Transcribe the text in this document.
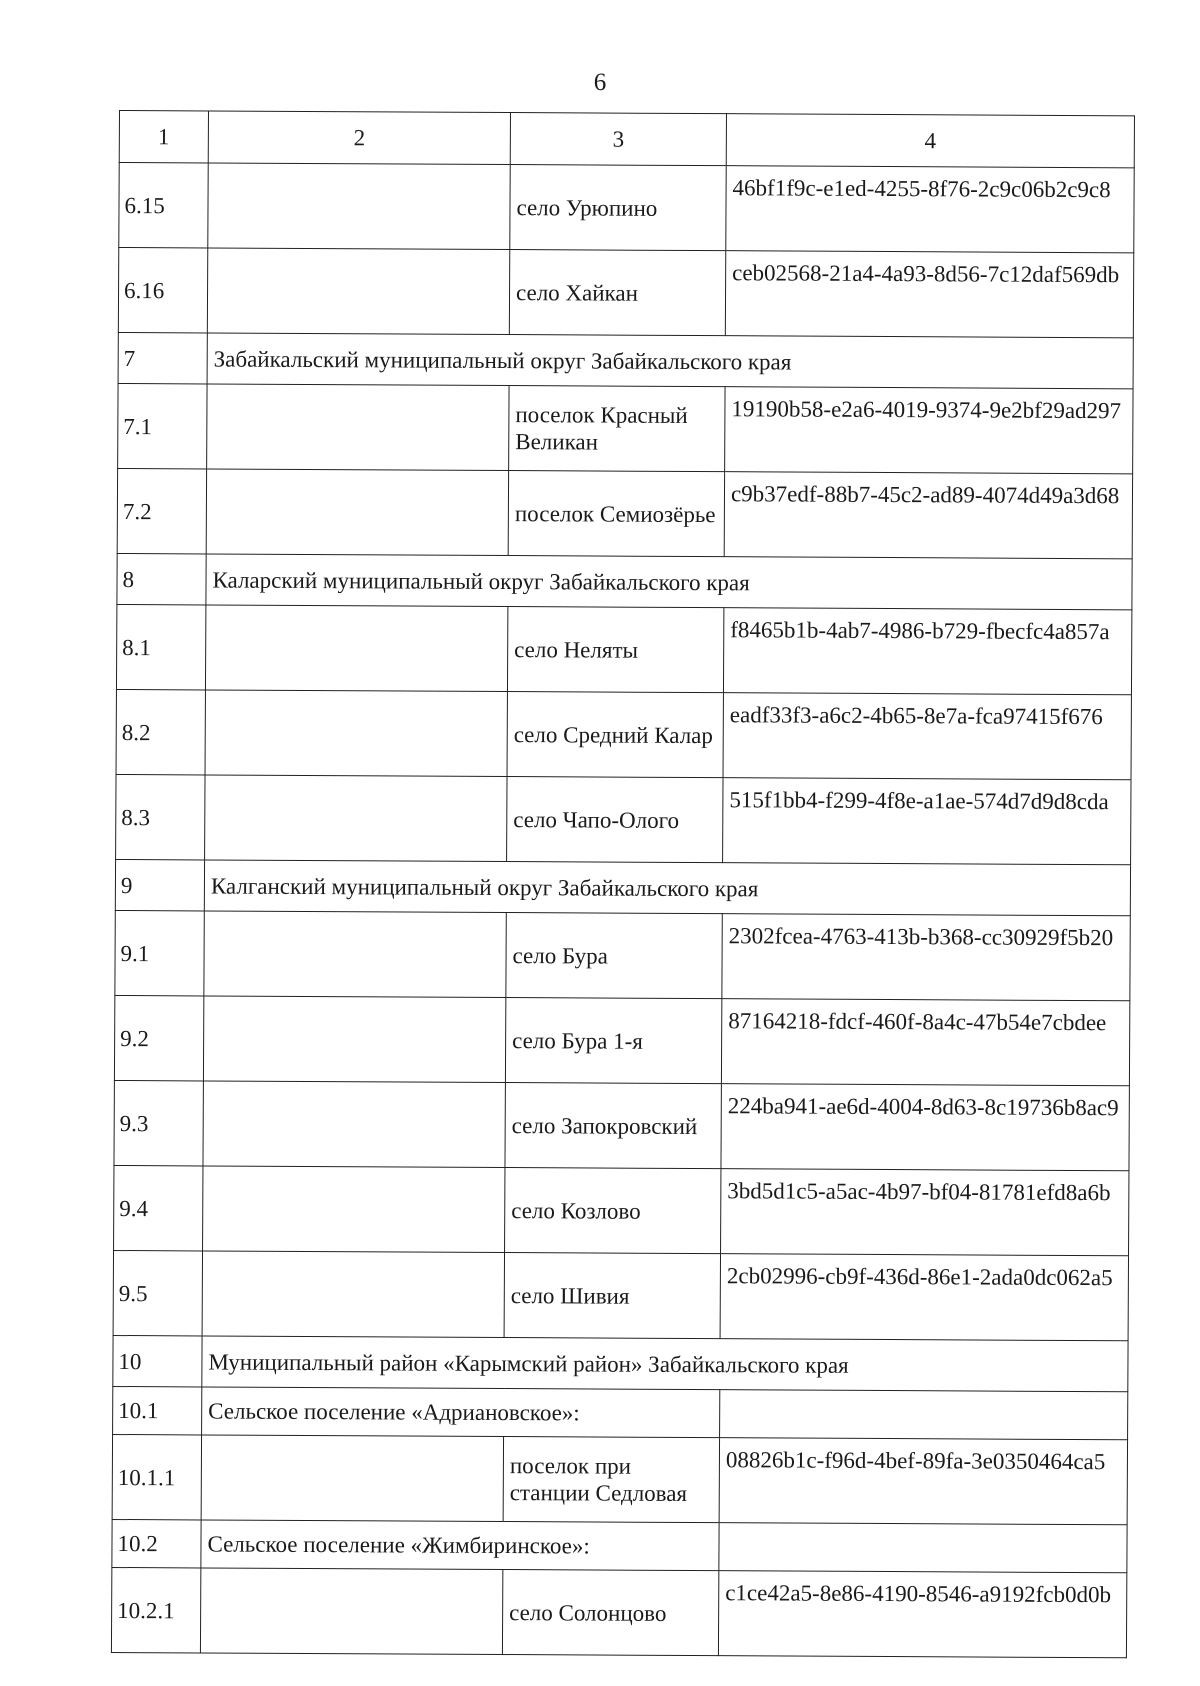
6
1	2	3	4
6.15		село Урюпино	46bf1f9c-e1ed-4255-8f76-2c9c06b2c9c8
6.16		село Хайкан	ceb02568-21a4-4a93-8d56-7c12daf569db
7	Забайкальский муниципальный округ Забайкальского края		
7.1		поселок Красный Великан	19190b58-e2a6-4019-9374-9e2bf29ad297
7.2		поселок Семиозёрье	c9b37edf-88b7-45c2-ad89-4074d49a3d68
8	Каларский муниципальный округ Забайкальского края		
8.1		село Неляты	f8465b1b-4ab7-4986-b729-fbecfc4a857a
8.2		село Средний Калар	eadf33f3-a6c2-4b65-8e7a-fca97415f676
8.3		село Чапо-Олого	515f1bb4-f299-4f8e-a1ae-574d7d9d8cda
9	Калганский муниципальный округ Забайкальского края		
9.1		село Бура	2302fcea-4763-413b-b368-cc30929f5b20
9.2		село Бура 1-я	87164218-fdcf-460f-8a4c-47b54e7cbdee
9.3		село Запокровский	224ba941-ae6d-4004-8d63-8c19736b8ac9
9.4		село Козлово	3bd5d1c5-a5ac-4b97-bf04-81781efd8a6b
9.5		село Шивия	2cb02996-cb9f-436d-86e1-2ada0dc062a5
10	Муниципальный район «Карымский район» Забайкальского края		
10.1	Сельское поселение «Адриановское»:		
10.1.1		поселок при станции Седловая	08826b1c-f96d-4bef-89fa-3e0350464ca5
10.2	Сельское поселение «Жимбиринское»:		
10.2.1		село Солонцово	c1ce42a5-8e86-4190-8546-a9192fcb0d0b
